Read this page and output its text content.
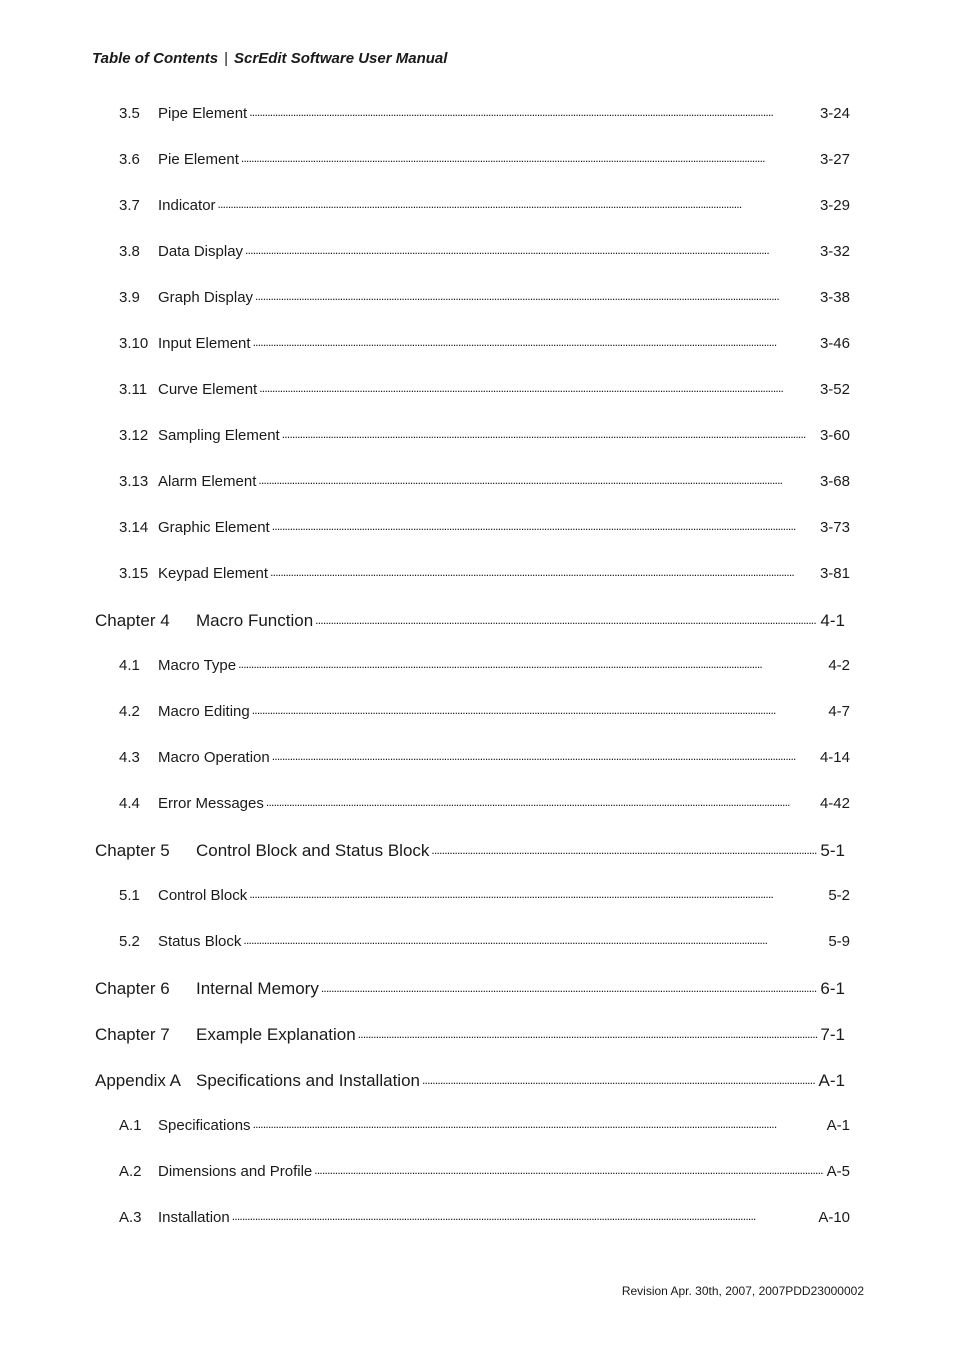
Table of Contents | ScrEdit Software User Manual
3.5	Pipe Element . . .	3-24
3.6	Pie Element . . .	3-27
3.7	Indicator . . .	3-29
3.8	Data Display . . .	3-32
3.9	Graph Display . . .	3-38
3.10 Input Element . . .	3-46
3.11 Curve Element . . .	3-52
3.12 Sampling Element . . .	3-60
3.13 Alarm Element . . .	3-68
3.14 Graphic Element . . .	3-73
3.15 Keypad Element . . .	3-81
Chapter 4	Macro Function . . .	4-1
4.1	Macro Type . . .	4-2
4.2	Macro Editing . . .	4-7
4.3	Macro Operation . . .	4-14
4.4	Error Messages . . .	4-42
Chapter 5	Control Block and Status Block . . .	5-1
5.1	Control Block . . .	5-2
5.2	Status Block . . .	5-9
Chapter 6	Internal Memory . . .	6-1
Chapter 7	Example Explanation . . .	7-1
Appendix A Specifications and Installation . . .	A-1
A.1	Specifications . . .	A-1
A.2	Dimensions and Profile . . .	A-5
A.3	Installation . . .	A-10
Revision Apr. 30th, 2007, 2007PDD23000002
